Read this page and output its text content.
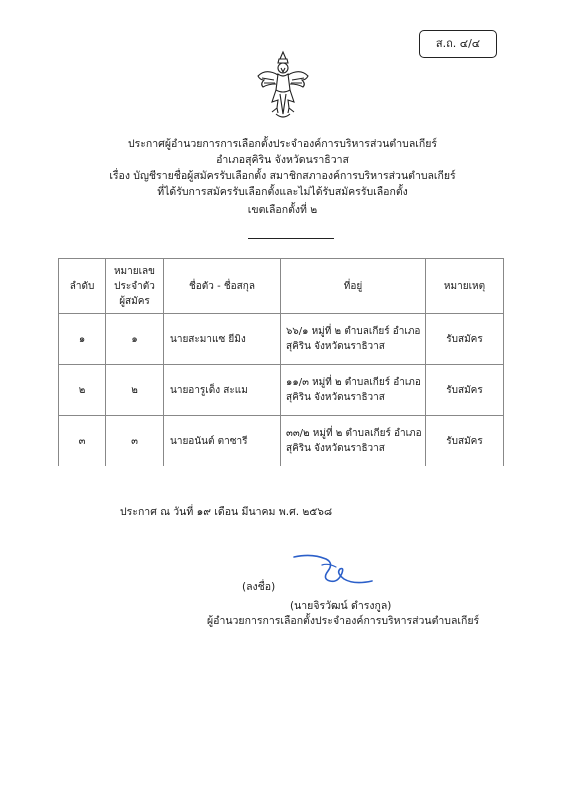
ส.ถ. ๔/๔
ประกาศผู้อำนวยการการเลือกตั้งประจำองค์การบริหารส่วนตำบลเกียร์
อำเภอสุคิริน จังหวัดนราธิวาส
เรื่อง บัญชีรายชื่อผู้สมัครรับเลือกตั้ง สมาชิกสภาองค์การบริหารส่วนตำบลเกียร์
ที่ได้รับการสมัครรับเลือกตั้งและไม่ได้รับสมัครรับเลือกตั้ง
เขตเลือกตั้งที่ ๒
ลำดับ	หมายเลข
ประจำตัว
ผู้สมัคร	ชื่อตัว - ชื่อสกุล	ที่อยู่	หมายเหตุ
๑	๑	นายสะมาแซ ยีมิง	๖๖/๑ หมู่ที่ ๒ ตำบลเกียร์ อำเภอ
สุคิริน จังหวัดนราธิวาส	รับสมัคร
๒	๒	นายอารูเด็ง สะแม	๑๑/๓ หมู่ที่ ๒ ตำบลเกียร์ อำเภอ
สุคิริน จังหวัดนราธิวาส	รับสมัคร
๓	๓	นายอนันต์ ตาซารี	๓๓/๒ หมู่ที่ ๒ ตำบลเกียร์ อำเภอ
สุคิริน จังหวัดนราธิวาส	รับสมัคร
ประกาศ ณ วันที่ ๑๙ เดือน มีนาคม พ.ศ. ๒๕๖๘
(ลงชื่อ)
(นายจิรวัฒน์ ดำรงกูล)
ผู้อำนวยการการเลือกตั้งประจำองค์การบริหารส่วนตำบลเกียร์
